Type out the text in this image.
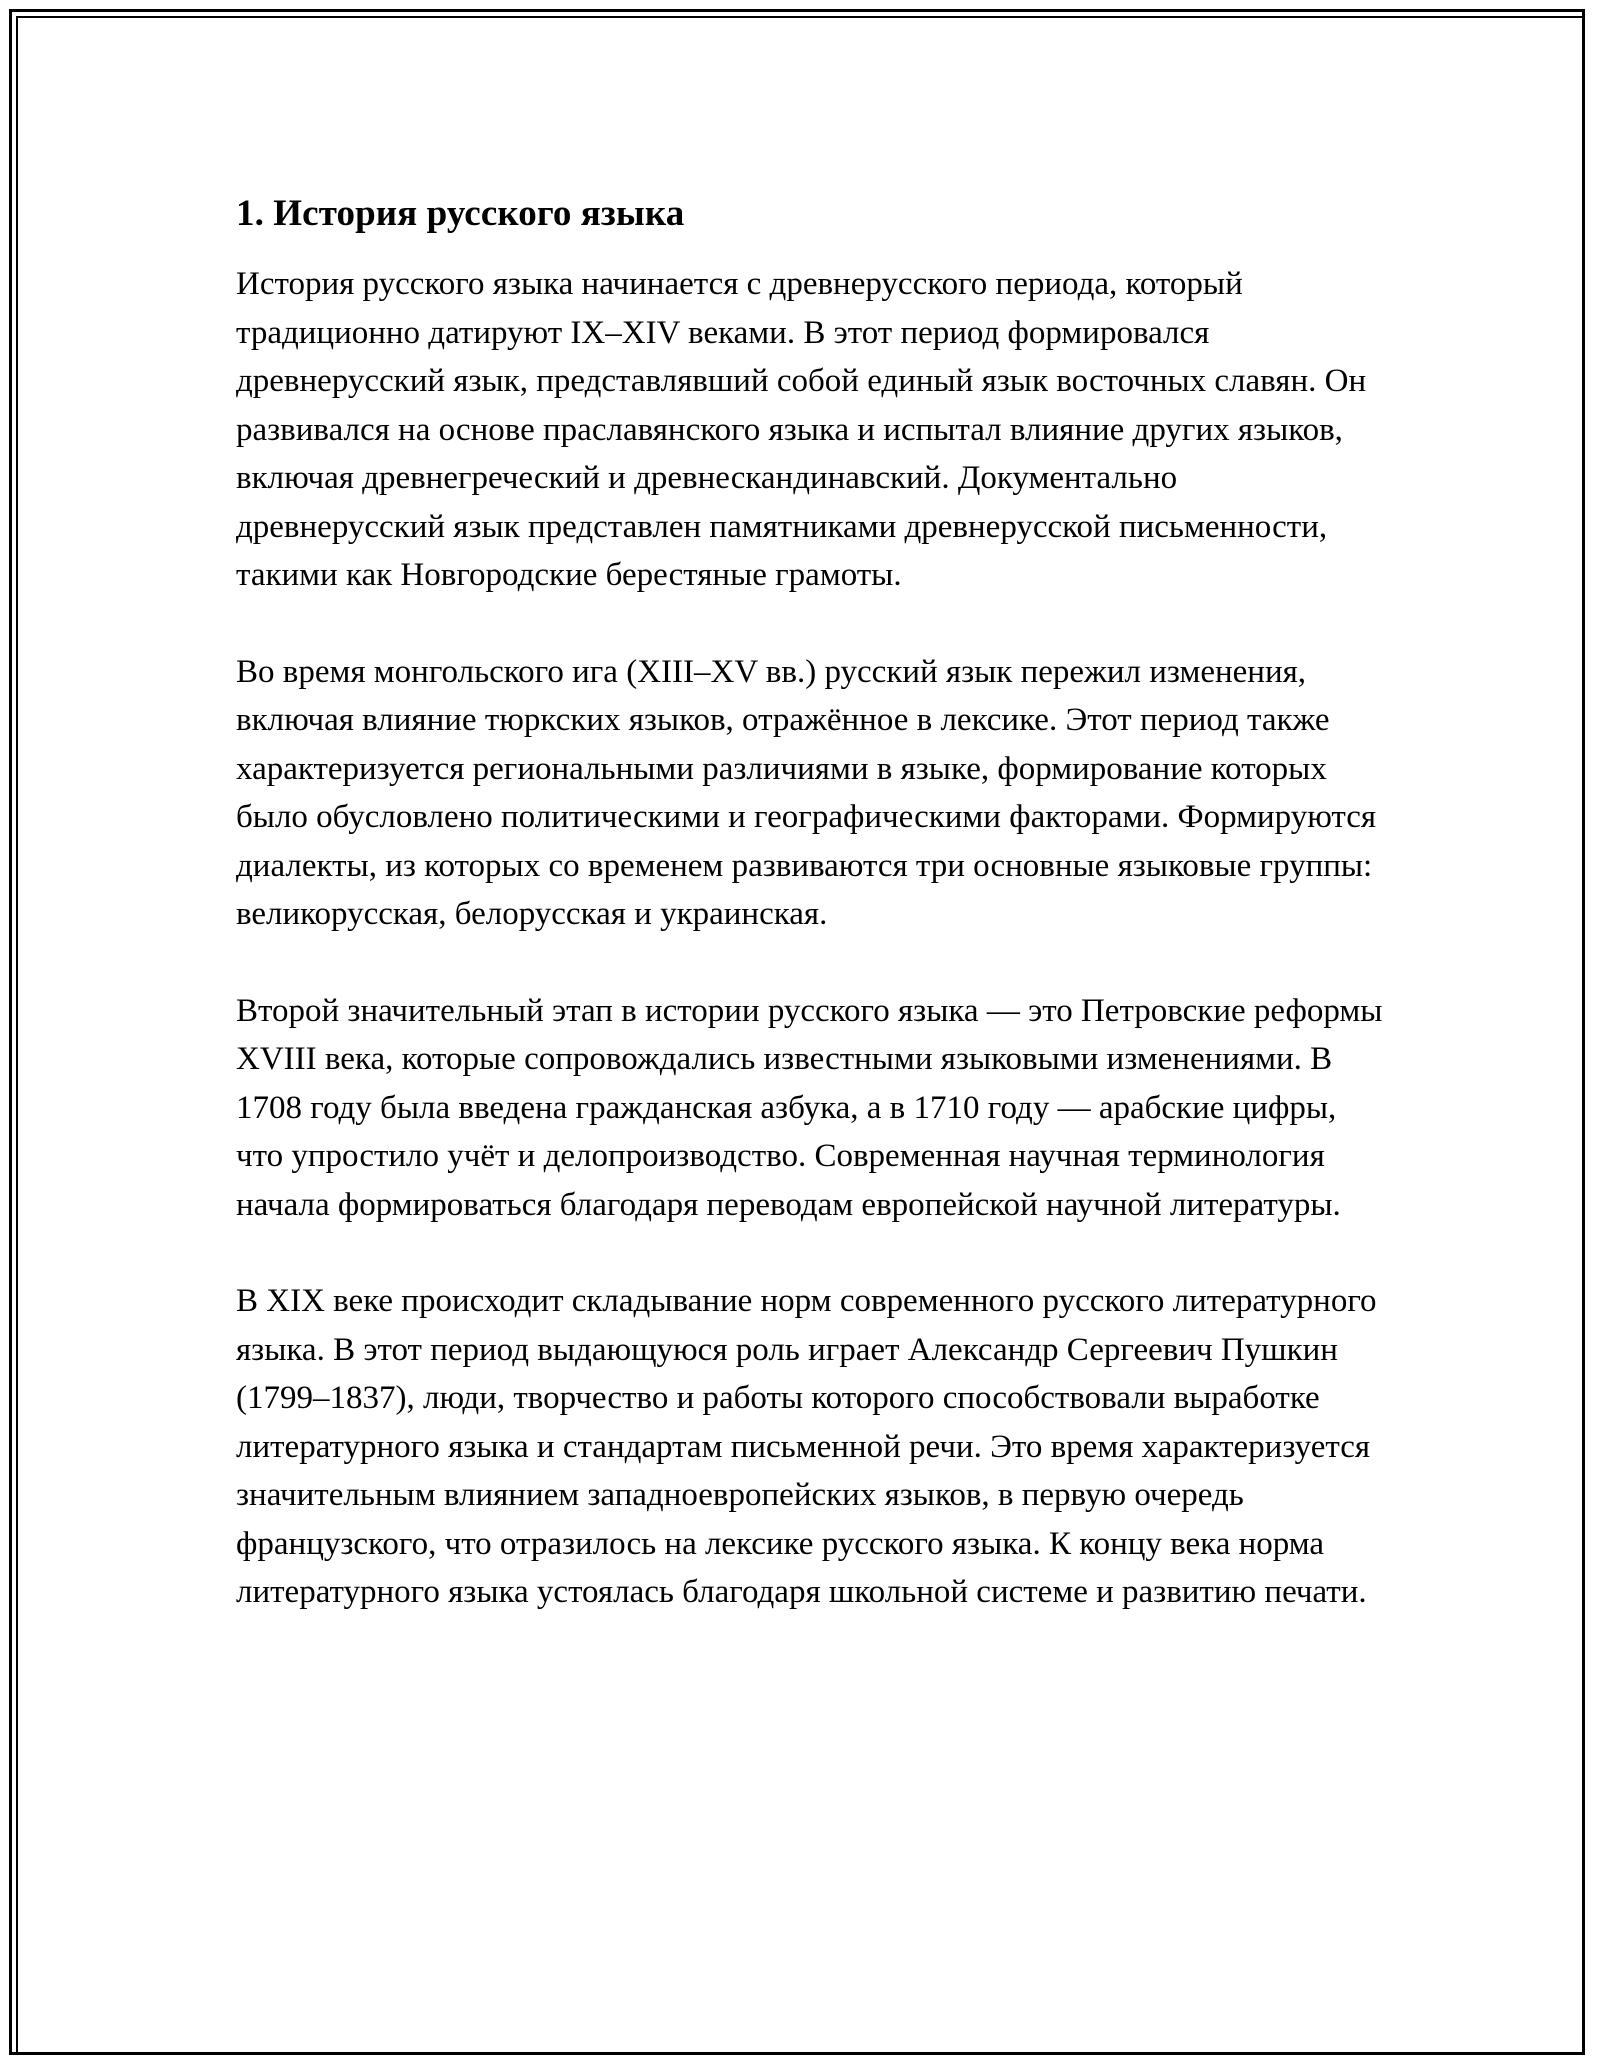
1. История русского языка

История русского языка начинается с древнерусского периода, который традиционно датируют IX–XIV веками. В этот период формировался древнерусский язык, представлявший собой единый язык восточных славян. Он развивался на основе праславянского языка и испытал влияние других языков, включая древнегреческий и древнескандинавский. Документально древнерусский язык представлен памятниками древнерусской письменности, такими как Новгородские берестяные грамоты.

Во время монгольского ига (XIII–XV вв.) русский язык пережил изменения, включая влияние тюркских языков, отражённое в лексике. Этот период также характеризуется региональными различиями в языке, формирование которых было обусловлено политическими и географическими факторами. Формируются диалекты, из которых со временем развиваются три основные языковые группы: великорусская, белорусская и украинская.

Второй значительный этап в истории русского языка — это Петровские реформы XVIII века, которые сопровождались известными языковыми изменениями. В 1708 году была введена гражданская азбука, а в 1710 году — арабские цифры, что упростило учёт и делопроизводство. Современная научная терминология начала формироваться благодаря переводам европейской научной литературы.

В XIX веке происходит складывание норм современного русского литературного языка. В этот период выдающуюся роль играет Александр Сергеевич Пушкин (1799–1837), люди, творчество и работы которого способствовали выработке литературного языка и стандартам письменной речи. Это время характеризуется значительным влиянием западноевропейских языков, в первую очередь французского, что отразилось на лексике русского языка. К концу века норма литературного языка устоялась благодаря школьной системе и развитию печати.
